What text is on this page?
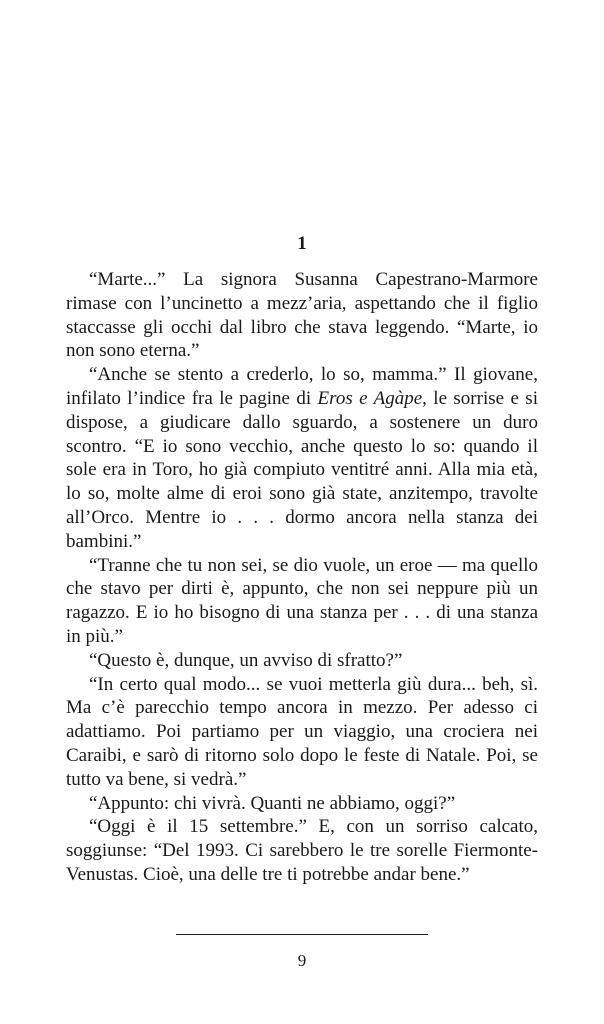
1

“Marte...” La signora Susanna Capestrano-Marmore rimase con l’uncinetto a mezz’aria, aspettando che il figlio staccasse gli occhi dal libro che stava leggendo. “Marte, io non sono eterna.”

“Anche se stento a crederlo, lo so, mamma.” Il giovane, infilato l’indice fra le pagine di Eros e Agàpe, le sorrise e si dispose, a giudicare dallo sguardo, a sostenere un duro scontro. “E io sono vecchio, anche questo lo so: quando il sole era in Toro, ho già compiuto ventitré anni. Alla mia età, lo so, molte alme di eroi sono già state, anzitempo, travolte all’Orco. Mentre io . . . dormo ancora nella stanza dei bambini.”

“Tranne che tu non sei, se dio vuole, un eroe — ma quello che stavo per dirti è, appunto, che non sei neppure più un ragazzo. E io ho bisogno di una stanza per . . . di una stanza in più.”

“Questo è, dunque, un avviso di sfratto?”

“In certo qual modo... se vuoi metterla giù dura... beh, sì. Ma c’è parecchio tempo ancora in mezzo. Per adesso ci adattiamo. Poi partiamo per un viaggio, una crociera nei Caraibi, e sarò di ritorno solo dopo le feste di Natale. Poi, se tutto va bene, si vedrà.”

“Appunto: chi vivrà. Quanti ne abbiamo, oggi?”

“Oggi è il 15 settembre.” E, con un sorriso calcato, soggiunse: “Del 1993. Ci sarebbero le tre sorelle Fiermonte-Venustas. Cioè, una delle tre ti potrebbe andar bene.”

9
